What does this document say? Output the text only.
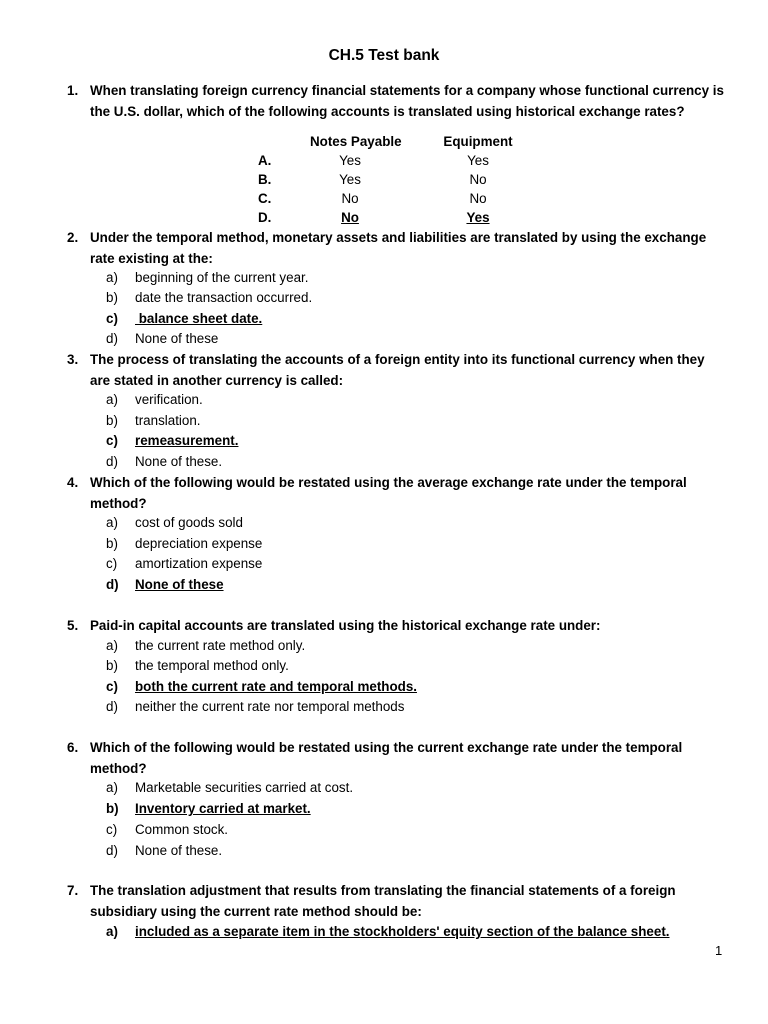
CH.5 Test bank
1. When translating foreign currency financial statements for a company whose functional currency is the U.S. dollar, which of the following accounts is translated using historical exchange rates?
Notes Payable	Equipment
A.	Yes	Yes
B.	Yes	No
C.	No	No
D.	No	Yes
2. Under the temporal method, monetary assets and liabilities are translated by using the exchange rate existing at the:
a) beginning of the current year.
b) date the transaction occurred.
c) balance sheet date.
d) None of these
3. The process of translating the accounts of a foreign entity into its functional currency when they are stated in another currency is called:
a) verification.
b) translation.
c) remeasurement.
d) None of these.
4. Which of the following would be restated using the average exchange rate under the temporal method?
a) cost of goods sold
b) depreciation expense
c) amortization expense
d) None of these
5. Paid-in capital accounts are translated using the historical exchange rate under:
a) the current rate method only.
b) the temporal method only.
c) both the current rate and temporal methods.
d) neither the current rate nor temporal methods
6. Which of the following would be restated using the current exchange rate under the temporal method?
a) Marketable securities carried at cost.
b) Inventory carried at market.
c) Common stock.
d) None of these.
7. The translation adjustment that results from translating the financial statements of a foreign subsidiary using the current rate method should be:
a) included as a separate item in the stockholders' equity section of the balance sheet.
1
